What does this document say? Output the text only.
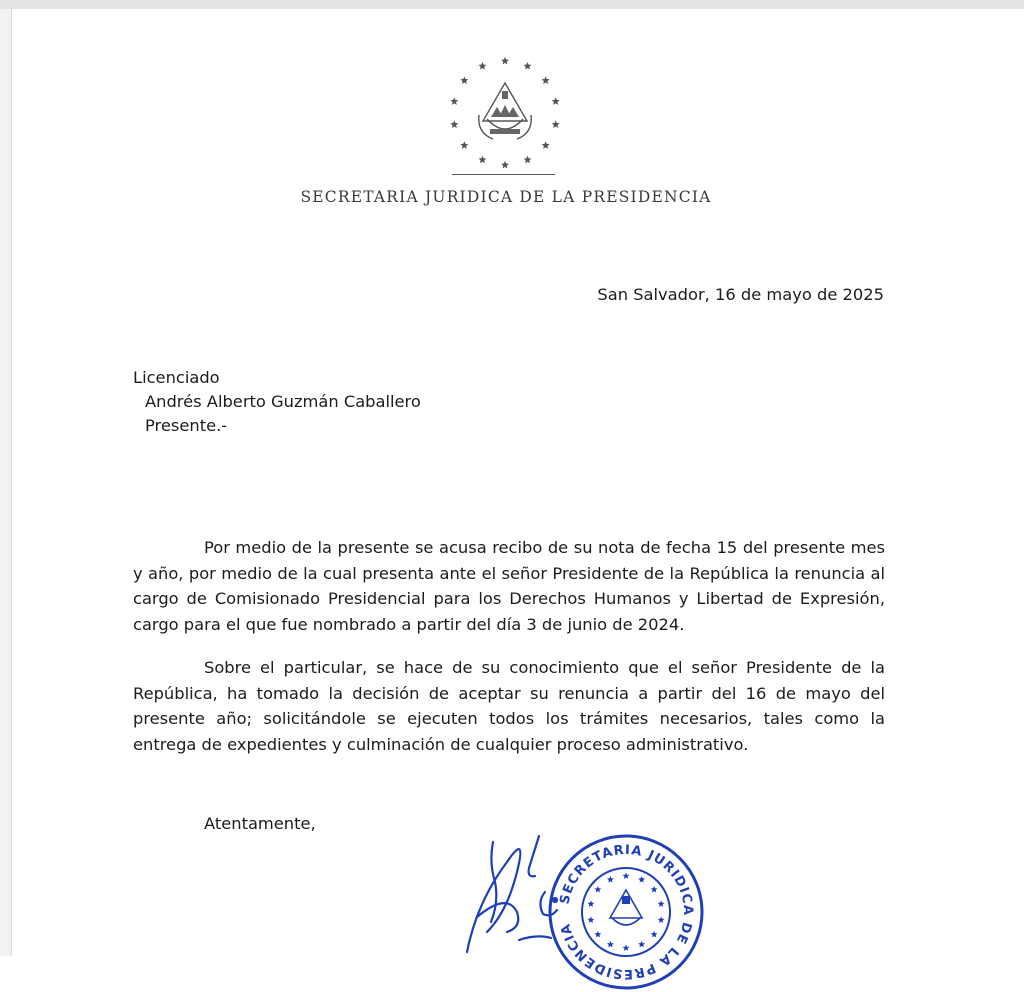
SECRETARIA JURIDICA DE LA PRESIDENCIA
San Salvador, 16 de mayo de 2025
Licenciado
Andrés Alberto Guzmán Caballero
Presente.-

Por medio de la presente se acusa recibo de su nota de fecha 15 del presente mes y año, por medio de la cual presenta ante el señor Presidente de la República la renuncia al cargo de Comisionado Presidencial para los Derechos Humanos y Libertad de Expresión, cargo para el que fue nombrado a partir del día 3 de junio de 2024.

Sobre el particular, se hace de su conocimiento que el señor Presidente de la República, ha tomado la decisión de aceptar su renuncia a partir del 16 de mayo del presente año; solicitándole se ejecuten todos los trámites necesarios, tales como la entrega de expedientes y culminación de cualquier proceso administrativo.

Atentamente,
SECRETARIA JURIDICA DE LA PRESIDENCIA
